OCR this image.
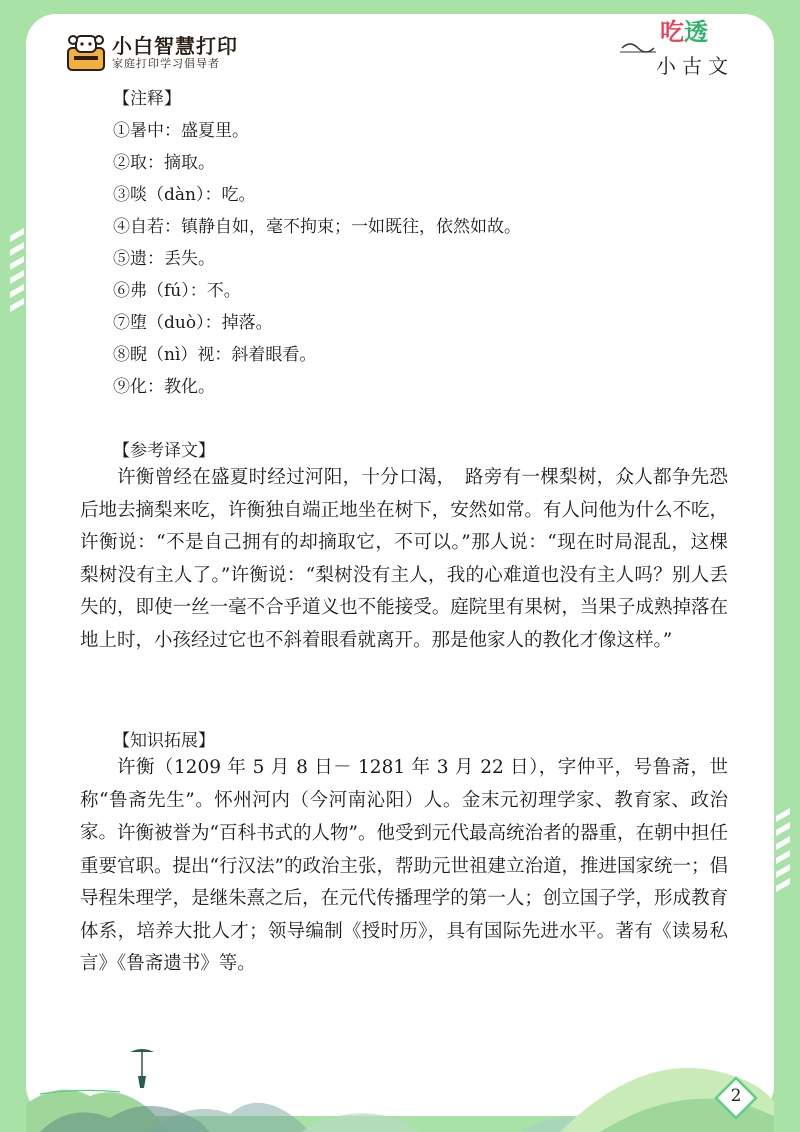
小白智慧打印
家庭打印学习倡导者
吃透
小古文
【注释】
①暑中：盛夏里。
②取：摘取。
③啖（dàn）：吃。
④自若：镇静自如，毫不拘束；一如既往，依然如故。
⑤遗：丢失。
⑥弗（fú）：不。
⑦堕（duò）：掉落。
⑧睨（nì）视：斜着眼看。
⑨化：教化。
【参考译文】

许衡曾经在盛夏时经过河阳，十分口渴，　路旁有一棵梨树，众人都争先恐后地去摘梨来吃，许衡独自端正地坐在树下，安然如常。有人问他为什么不吃，许衡说：“不是自己拥有的却摘取它，不可以。”那人说：“现在时局混乱，这棵梨树没有主人了。”许衡说：“梨树没有主人，我的心难道也没有主人吗？别人丢失的，即使一丝一毫不合乎道义也不能接受。庭院里有果树，当果子成熟掉落在地上时，小孩经过它也不斜着眼看就离开。那是他家人的教化才像这样。”

【知识拓展】

许衡（1209 年 5 月 8 日－ 1281 年 3 月 22 日），字仲平，号鲁斋，世称“鲁斋先生”。怀州河内（今河南沁阳）人。金末元初理学家、教育家、政治家。 许衡被誉为“百科书式的人物”。他受到元代最高统治者的器重，在朝中担任重要官职。提出“行汉法”的政治主张，帮助元世祖建立治道，推进国家统一；倡导程朱理学，是继朱熹之后，在元代传播理学的第一人；创立国子学，形成教育体系，培养大批人才；领导编制《授时历》，具有国际先进水平。著有《读易私言》《鲁斋遗书》等。

2
